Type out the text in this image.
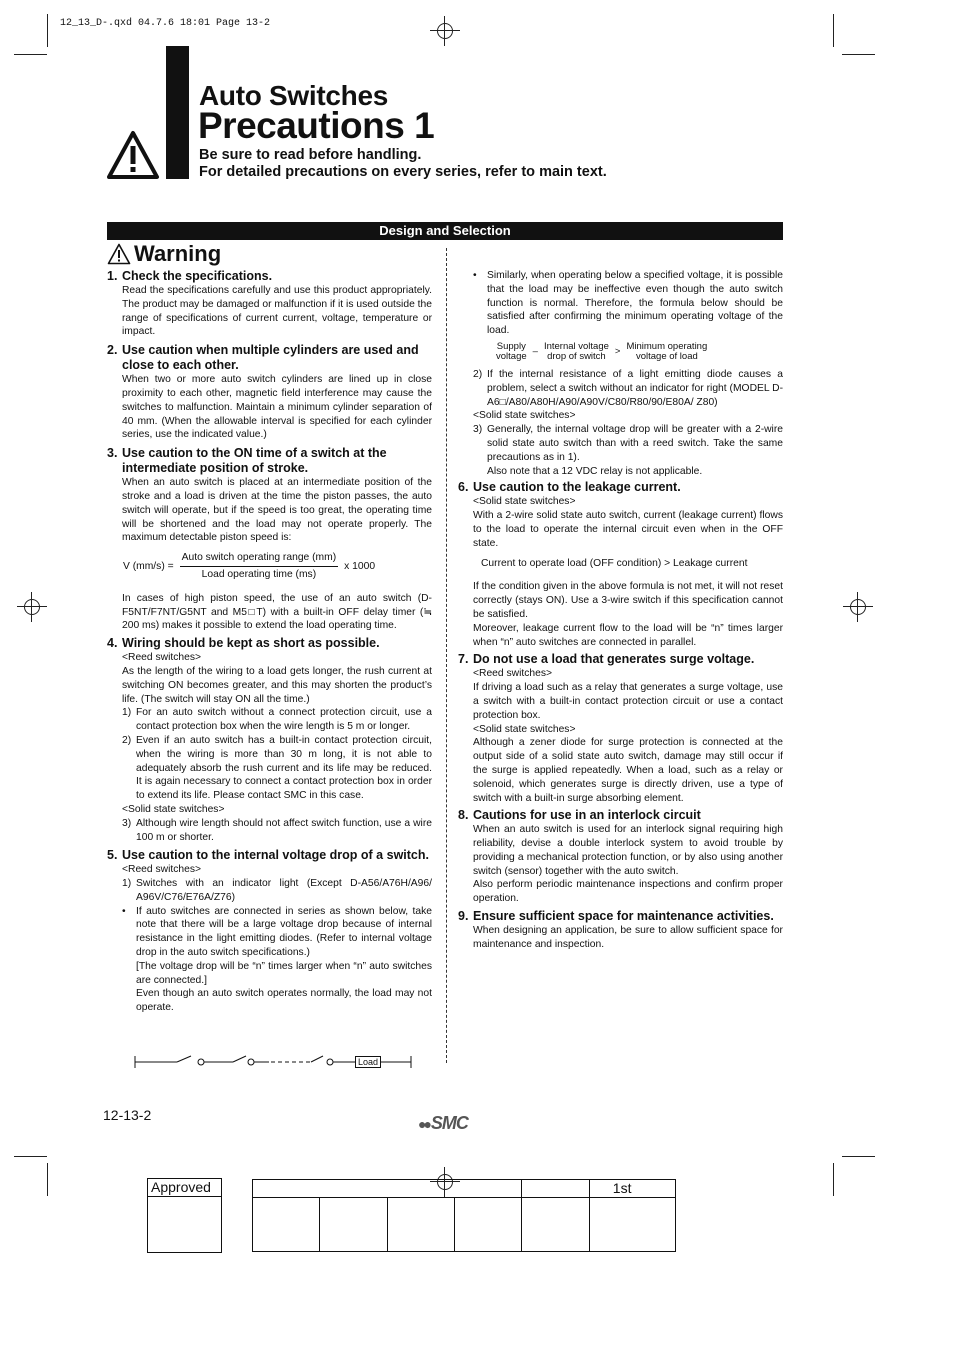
12_13_D-.qxd 04.7.6 18:01 Page 13-2
Auto Switches
Precautions 1
Be sure to read before handling.
For detailed precautions on every series, refer to main text.
Design and Selection
Warning
1. Check the specifications.

Read the specifications carefully and use this product appropriately. The product may be damaged or malfunction if it is used outside the range of specifications of current current, voltage, temperature or impact.

2. Use caution when multiple cylinders are used and close to each other.

When two or more auto switch cylinders are lined up in close proximity to each other, magnetic field interference may cause the switches to malfunction. Maintain a minimum cylinder separation of 40 mm. (When the allowable interval is specified for each cylinder series, use the indicated value.)

3. Use caution to the ON time of a switch at the intermediate position of stroke.

When an auto switch is placed at an intermediate position of the stroke and a load is driven at the time the piston passes, the auto switch will operate, but if the speed is too great, the operating time will be shortened and the load may not operate properly. The maximum detectable piston speed is:

V $(mm/s) = \frac{\text{Auto switch operating range (mm)}}{\text{Load operating time (ms)}}$ x 1000

In cases of high piston speed, the use of an auto switch (D-F5NT/F7NT/G5NT and M5□T) with a built-in OFF delay timer (≒ 200 ms) makes it possible to extend the load operating time.

4. Wiring should be kept as short as possible.

<Reed switches>

As the length of the wiring to a load gets longer, the rush current at switching ON becomes greater, and this may shorten the product’s life. (The switch will stay ON all the time.)

1) For an auto switch without a connect protection circuit, use a contact protection box when the wire length is 5 m or longer.
2) Even if an auto switch has a built-in contact protection circuit, when the wiring is more than 30 m long, it is not able to adequately absorb the rush current and its life may be reduced. It is again necessary to connect a contact protection box in order to extend its life. Please contact SMC in this case.

<Solid state switches>

3) Although wire length should not affect switch function, use a wire 100 m or shorter.
5. Use caution to the internal voltage drop of a switch.

<Reed switches>

1) Switches with an indicator light (Except D-A56/A76H/A96/ A96V/C76/E76A/Z76)
•	If auto switches are connected in series as shown below, take note that there will be a large voltage drop because of internal resistance in the light emitting diodes. (Refer to internal voltage drop in the auto switch specifications.)
[The voltage drop will be “n” times larger when “n” auto switches are connected.]
Even though an auto switch operates normally, the load may not operate.
Load
•	Similarly, when operating below a specified voltage, it is possible that the load may be ineffective even though the auto switch function is normal. Therefore, the formula below should be satisfied after confirming the minimum operating voltage of the load.
Supply
voltage – Internal voltage
drop of switch > Minimum operating
voltage of load
2) If the internal resistance of a light emitting diode causes a problem, select a switch without an indicator for right (MODEL D-A6□/A80/A80H/A90/A90V/C80/R80/90/E80A/ Z80)

<Solid state switches>

3) Generally, the internal voltage drop will be greater with a 2-wire solid state auto switch than with a reed switch. Take the same precautions as in 1).
Also note that a 12 VDC relay is not applicable.
6. Use caution to the leakage current.

<Solid state switches>

With a 2-wire solid state auto switch, current (leakage current) flows to the load to operate the internal circuit even when in the OFF state.

Current to operate load (OFF condition) > Leakage current

If the condition given in the above formula is not met, it will not reset correctly (stays ON). Use a 3-wire switch if this specification cannot be satisfied.

Moreover, leakage current flow to the load will be “n” times larger when “n” auto switches are connected in parallel.

7. Do not use a load that generates surge voltage.

<Reed switches>

If driving a load such as a relay that generates a surge voltage, use a switch with a built-in contact protection circuit or use a contact protection box.

<Solid state switches>

Although a zener diode for surge protection is connected at the output side of a solid state auto switch, damage may still occur if the surge is applied repeatedly. When a load, such as a relay or solenoid, which generates surge is directly driven, use a type of switch with a built-in surge absorbing element.

8. Cautions for use in an interlock circuit

When an auto switch is used for an interlock signal requiring high reliability, devise a double interlock system to avoid trouble by providing a mechanical protection function, or by also using another switch (sensor) together with the auto switch.

Also perform periodic maintenance inspections and confirm proper operation.

9. Ensure sufficient space for maintenance activities.

When designing an application, be sure to allow sufficient space for maintenance and inspection.

12-13-2
●● SMC
Approved

					1st
